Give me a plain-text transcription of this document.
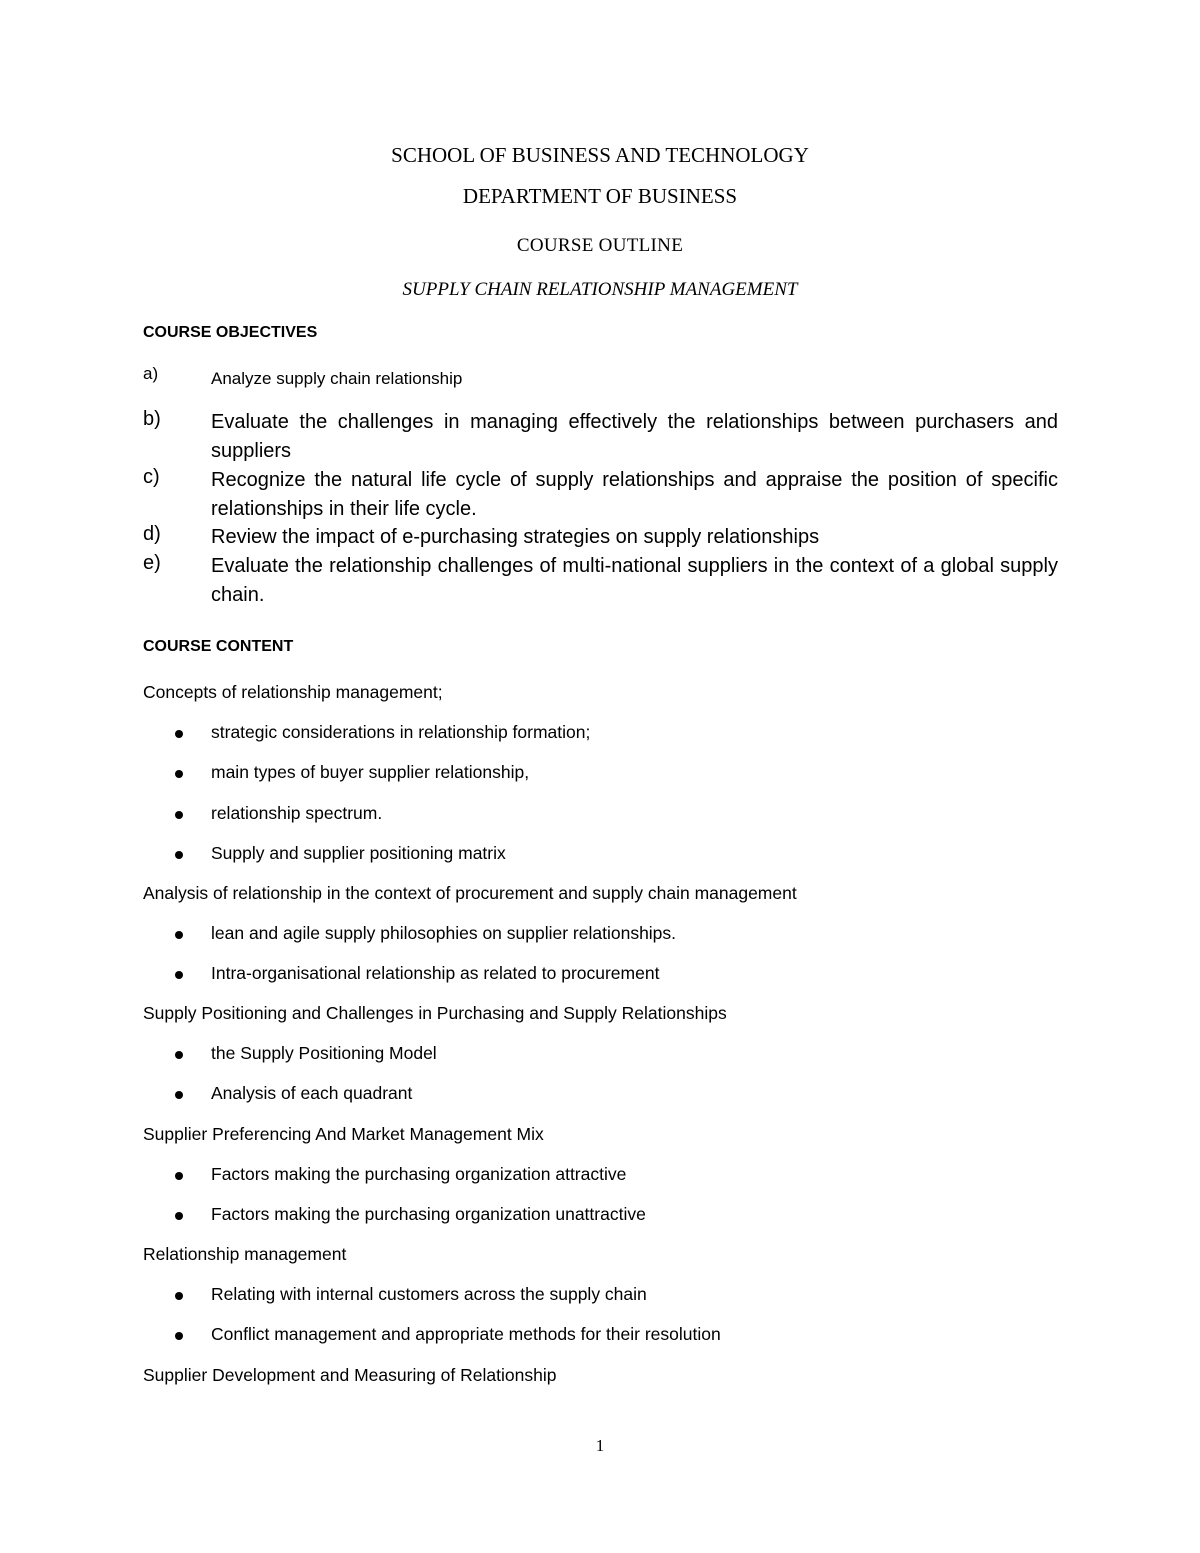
SCHOOL OF BUSINESS AND TECHNOLOGY
DEPARTMENT OF BUSINESS
COURSE OUTLINE
SUPPLY CHAIN RELATIONSHIP MANAGEMENT
COURSE OBJECTIVES
a)	Analyze supply chain relationship
b)	Evaluate the challenges in managing effectively the relationships between purchasers and suppliers
c)	Recognize the natural life cycle of supply relationships and appraise the position of specific relationships in their life cycle.
d)	Review the impact of e-purchasing strategies on supply relationships
e)	Evaluate the relationship challenges of multi-national suppliers in the context of a global supply chain.
COURSE CONTENT
Concepts of relationship management;
strategic considerations in relationship formation;
main types of buyer supplier relationship,
relationship spectrum.
Supply and supplier positioning matrix
Analysis of relationship in the context of procurement and supply chain management
lean and agile supply philosophies on supplier relationships.
Intra-organisational relationship as related to procurement
Supply Positioning and Challenges in Purchasing and Supply Relationships
the Supply Positioning Model
Analysis of each quadrant
Supplier Preferencing And Market Management Mix
Factors making the purchasing organization attractive
Factors making the purchasing organization unattractive
Relationship management
Relating with internal customers across the supply chain
Conflict management and appropriate methods for their resolution
Supplier Development and Measuring of Relationship
1
